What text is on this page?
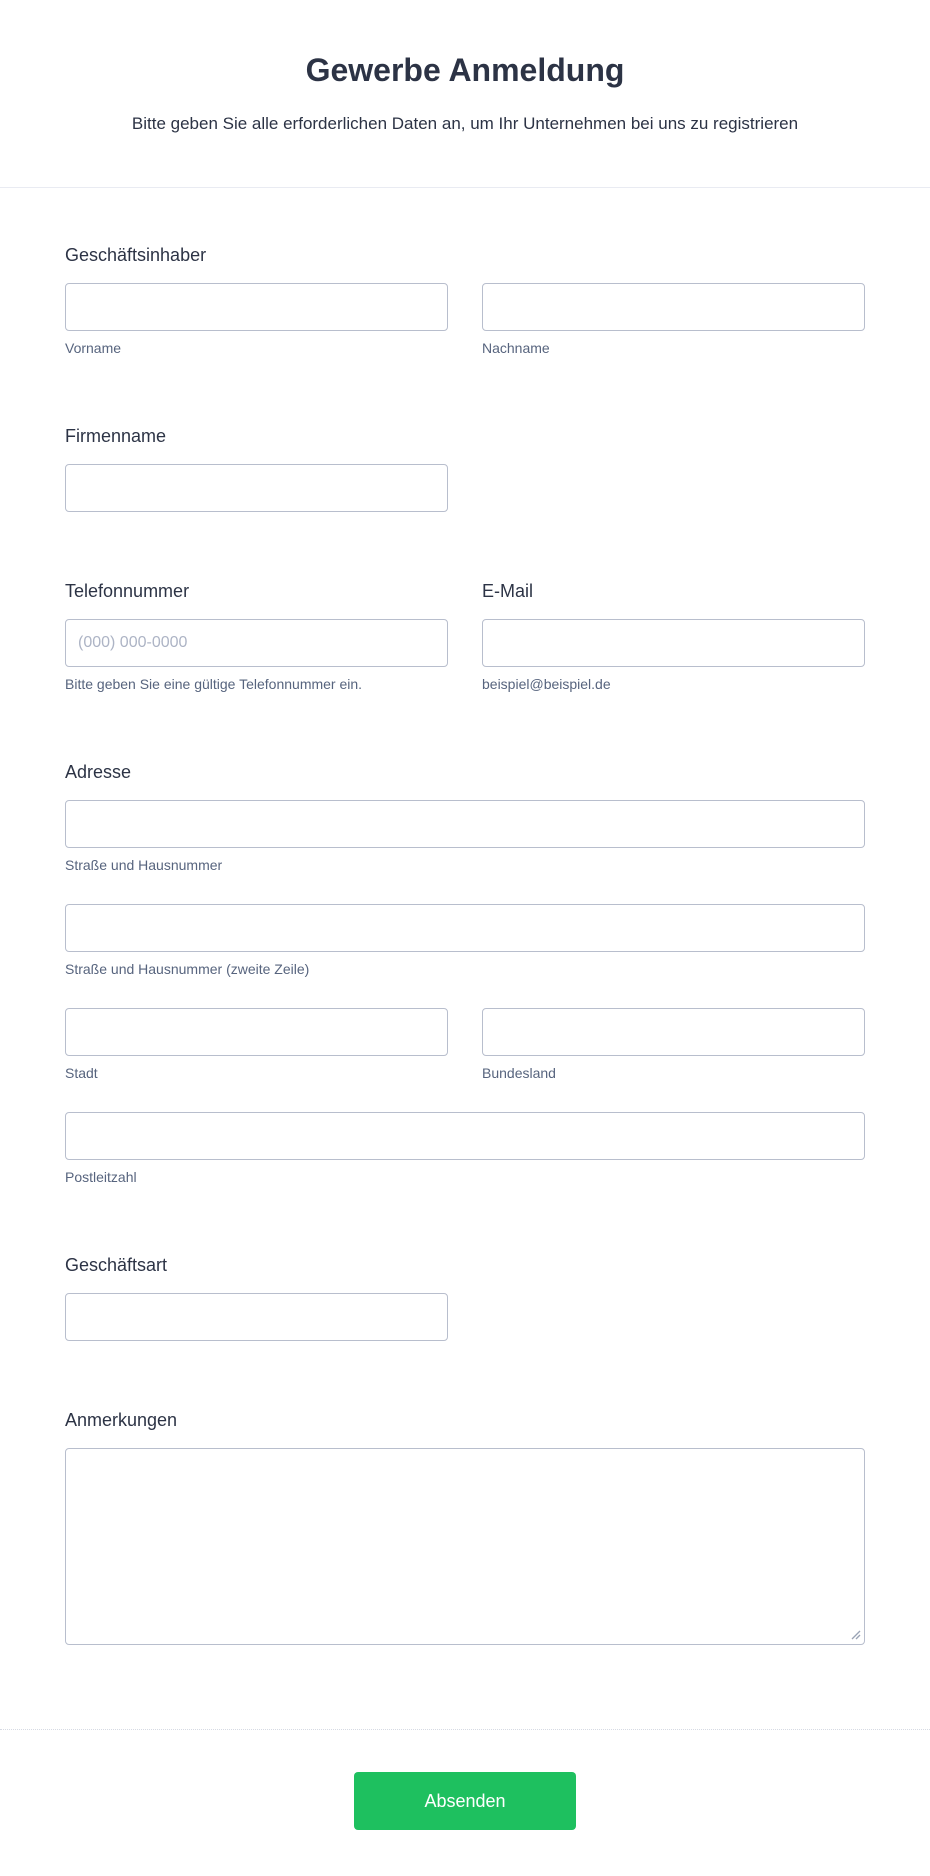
Gewerbe Anmeldung

Bitte geben Sie alle erforderlichen Daten an, um Ihr Unternehmen bei uns zu registrieren

Geschäftsinhaber
Vorname	Nachname
Firmenname
Telefonnummer
(000) 000-0000
Bitte geben Sie eine gültige Telefonnummer ein.
E-Mail
beispiel@beispiel.de
Adresse
Straße und Hausnummer
Straße und Hausnummer (zweite Zeile)
Stadt	Bundesland
Postleitzahl
Geschäftsart
Anmerkungen
Absenden
